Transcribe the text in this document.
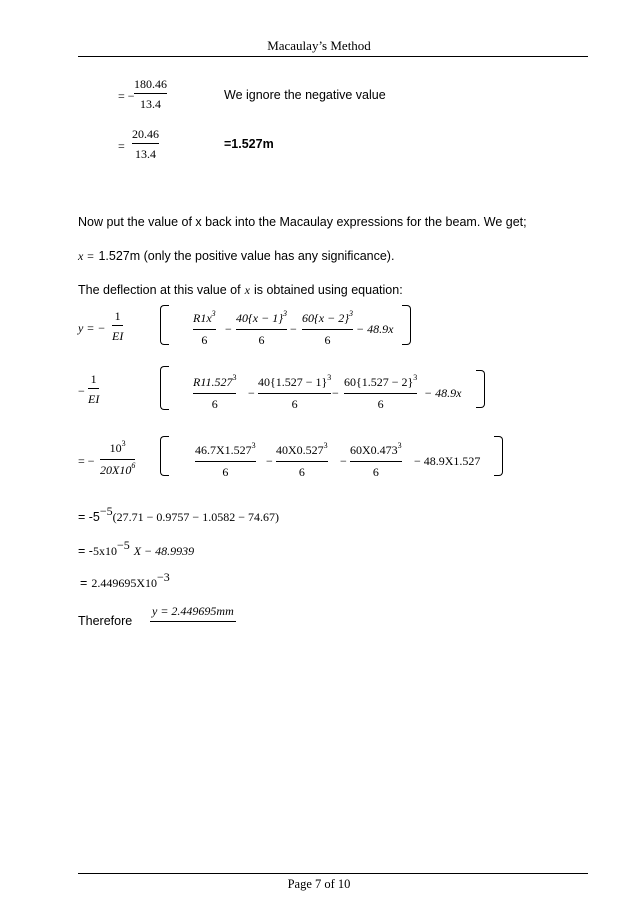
Macaulay’s Method
= −
180.46
13.4
We ignore the negative value
=
20.46
13.4
=1.527m
Now put the value of x back into the Macaulay expressions for the beam. We get;
x = 1.527m (only the positive value has any significance).
The deflection at this value of x is obtained using equation:
y = −
1
EI
$R1x^3$
6
−
$40\{x - 1\}^3$
6
−
$60\{x - 2\}^3$
6
− 48.9x
−
1
EI
R11.527$^3$
6
−
$40\{1.527 - 1\}^3$
6
−
$60\{1.527 - 2\}^3$
6
− 48.9x
= −
$10^3$
$20X10^6$
46.7X1.527$^3$
6
−
$40X0.527^3$
6
−
$60X0.473^3$
6
− 48.9X1.527
= $-5^{-5}(27.71 - 0.9757 - 1.0582 - 74.67)$
= $-5x10^{-5}$ X − 48.9939
= $2.449695X10^{-3}$
Therefore
y = 2.449695mm
Page 7 of 10
